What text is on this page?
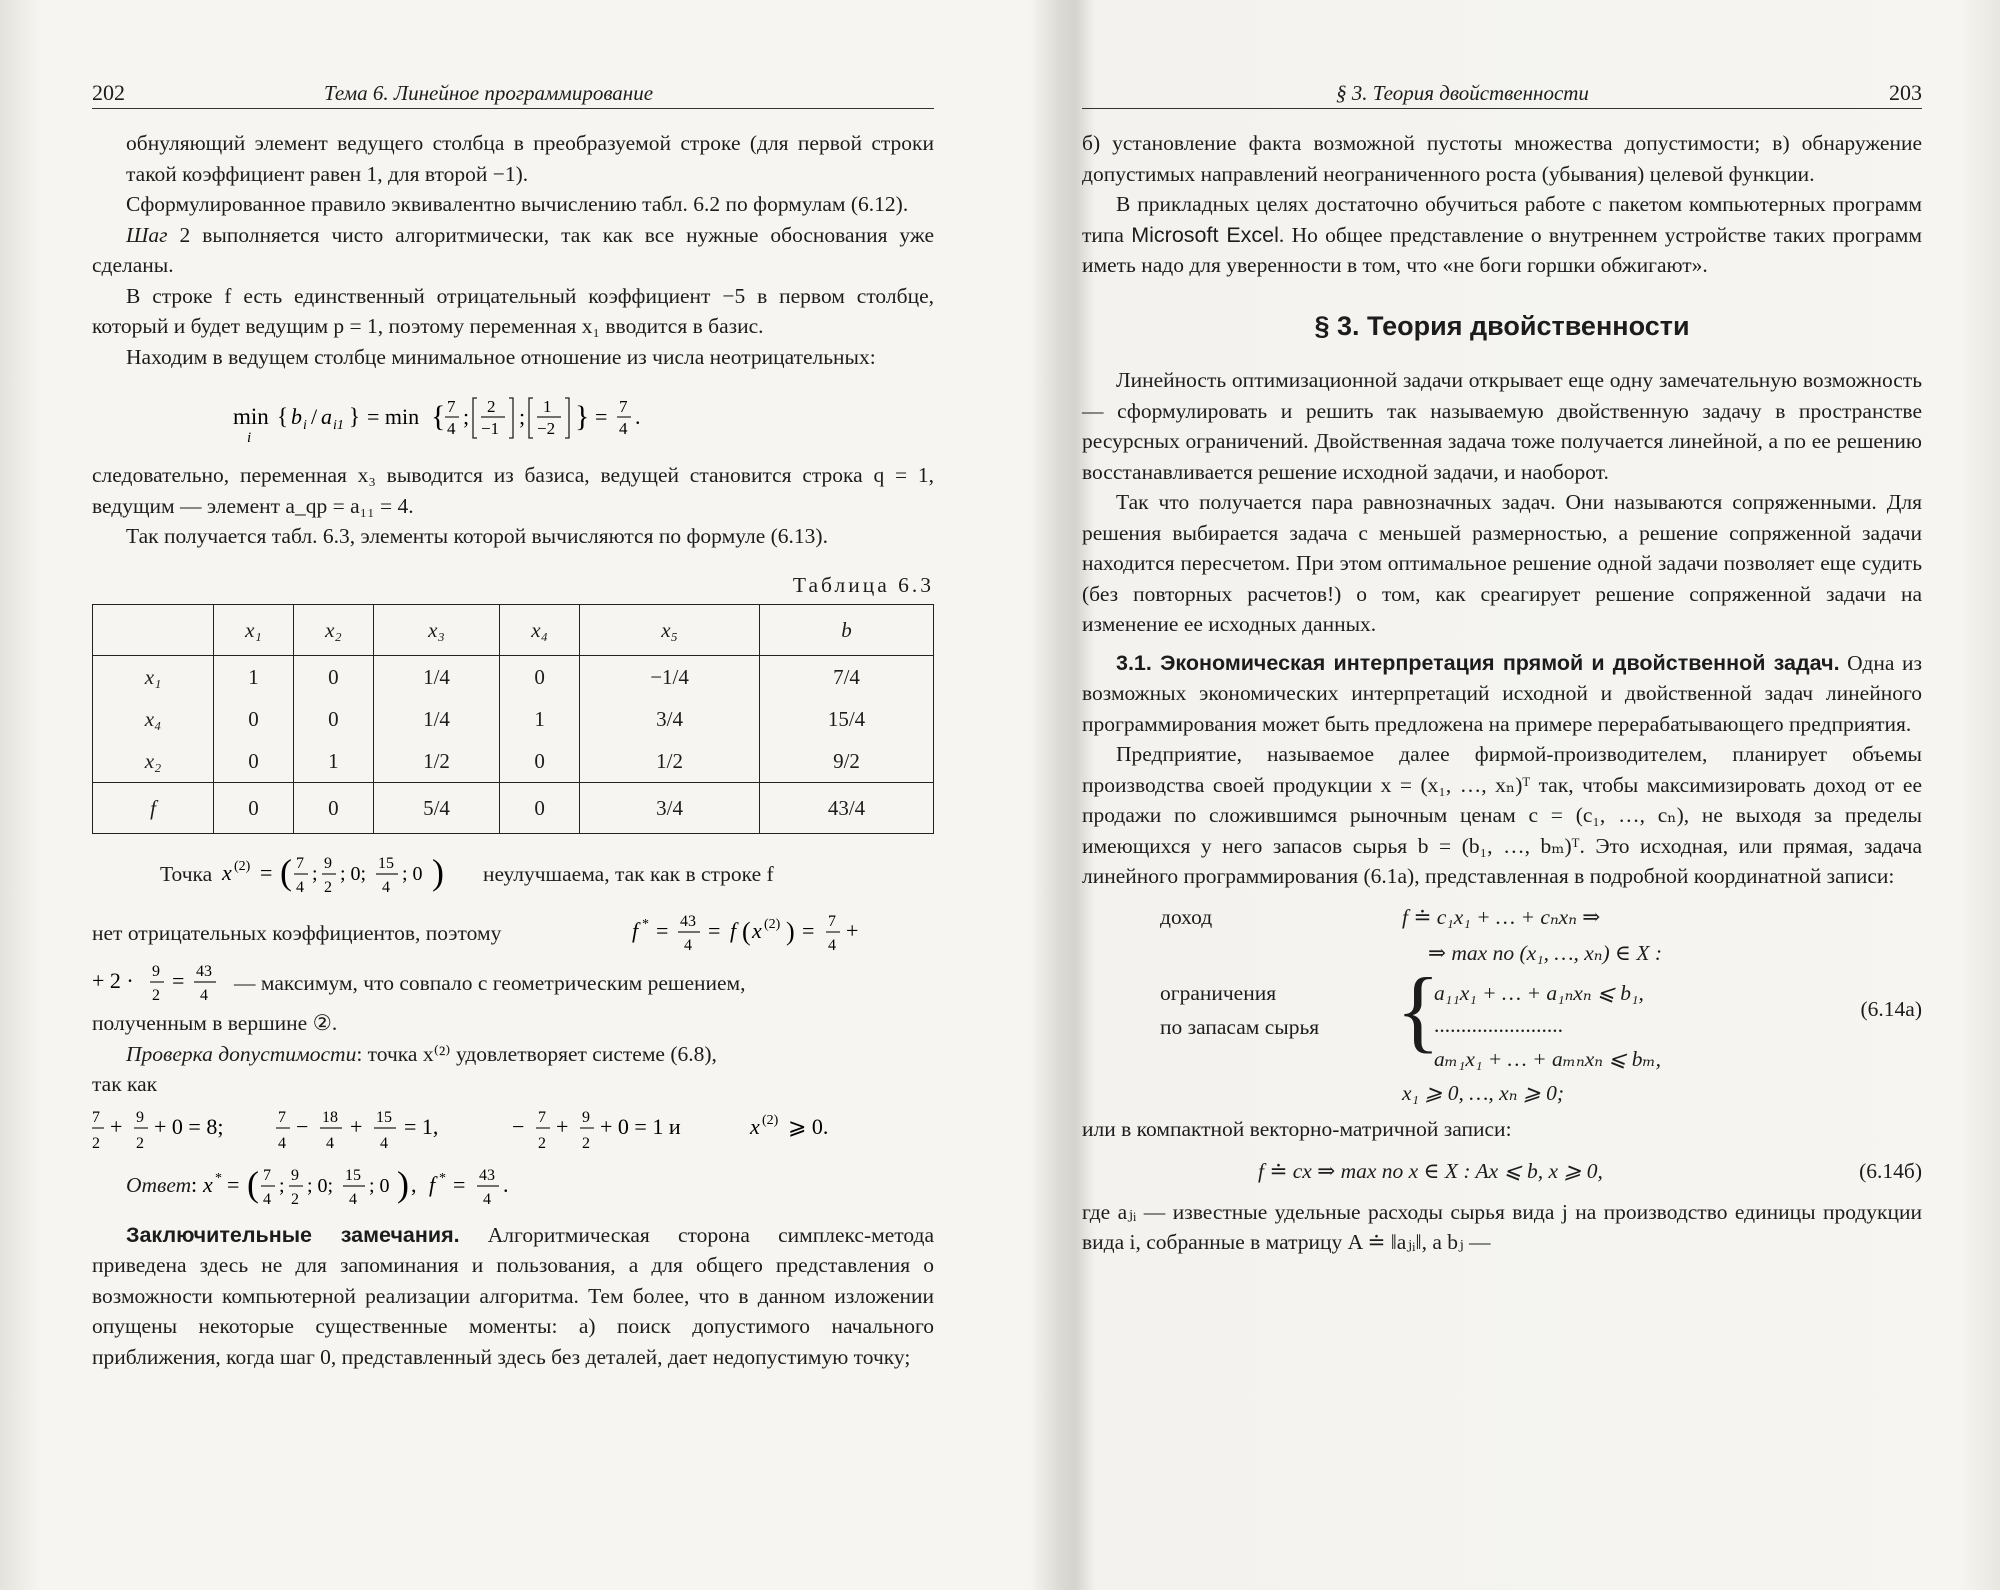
202	Тема 6. Линейное программирование

обнуляющий элемент ведущего столбца в преобразуемой строке (для первой строки такой коэффициент равен 1, для второй −1).

Сформулированное правило эквивалентно вычислению табл. 6.2 по формулам (6.12).

Шаг 2 выполняется чисто алгоритмически, так как все нужные обоснования уже сделаны.

В строке f есть единственный отрицательный коэффициент −5 в первом столбце, который и будет ведущим p = 1, поэтому переменная x₁ вводится в базис.

Находим в ведущем столбце минимальное отношение из числа неотрицательных:

min
i
{ b i / a i1 } = min { 7
4 ; 2
−1 ; 1
−2 } = 7
4 .

следовательно, переменная x₃ выводится из базиса, ведущей становится строка q = 1, ведущим — элемент a_qp = a₁₁ = 4.

Так получается табл. 6.3, элементы которой вычисляются по формуле (6.13).

Таблица 6.3
	x₁	x₂	x₃	x₄	x₅	b
x₁	1	0	1/4	0	−1/4	7/4
x₄	0	0	1/4	1	3/4	15/4
x₂	0	1	1/2	0	1/2	9/2
f	0	0	5/4	0	3/4	43/4
Точка x (2) = ( 7
4
; 9
2
; 0; 15
4
; 0 ) неулучшаема, так как в строке f
нет отрицательных коэффициентов, поэтому	f * = 43
4
= f ( x (2) ) = 7
4
+
+ 2 · 9
2
= 43
4
— максимум, что совпало с геометрическим решением,

полученным в вершине ②.

Проверка допустимости: точка x⁽²⁾ удовлетворяет системе (6.8),

так как

7
2
+ 9
2
+ 0 = 8;	7
4
− 18
4
+ 15
4
= 1,	− 7
2
+ 9
2
+ 0 = 1 и	x (2) ⩾ 0.
Ответ : x * = ( 7
4
; 9
2
; 0; 15
4
; 0 ) , f * = 43
4
.

Заключительные замечания. Алгоритмическая сторона симплекс-метода приведена здесь не для запоминания и пользования, а для общего представления о возможности компьютерной реализации алгоритма. Тем более, что в данном изложении опущены некоторые существенные моменты: а) поиск допустимого начального приближения, когда шаг 0, представленный здесь без деталей, дает недопустимую точку;

§ 3. Теория двойственности	203

б) установление факта возможной пустоты множества допустимости; в) обнаружение допустимых направлений неограниченного роста (убывания) целевой функции.

В прикладных целях достаточно обучиться работе с пакетом компьютерных программ типа Microsoft Excel. Но общее представление о внутреннем устройстве таких программ иметь надо для уверенности в том, что «не боги горшки обжигают».

§ 3. Теория двойственности

Линейность оптимизационной задачи открывает еще одну замечательную возможность — сформулировать и решить так называемую двойственную задачу в пространстве ресурсных ограничений. Двойственная задача тоже получается линейной, а по ее решению восстанавливается решение исходной задачи, и наоборот.

Так что получается пара равнозначных задач. Они называются сопряженными. Для решения выбирается задача с меньшей размерностью, а решение сопряженной задачи находится пересчетом. При этом оптимальное решение одной задачи позволяет еще судить (без повторных расчетов!) о том, как среагирует решение сопряженной задачи на изменение ее исходных данных.

3.1. Экономическая интерпретация прямой и двойственной задач. Одна из возможных экономических интерпретаций исходной и двойственной задач линейного программирования может быть предложена на примере перерабатывающего предприятия.

Предприятие, называемое далее фирмой-производителем, планирует объемы производства своей продукции x = (x₁, …, xₙ)ᵀ так, чтобы максимизировать доход от ее продажи по сложившимся рыночным ценам c = (c₁, …, cₙ), не выходя за пределы имеющихся у него запасов сырья b = (b₁, …, bₘ)ᵀ. Это исходная, или прямая, задача линейного программирования (6.1a), представленная в подробной координатной записи:

доход	f ≐ c₁x₁ + … + cₙxₙ ⇒
⇒ max по (x₁, …, xₙ) ∈ X :
ограничения
по запасам сырья {
a₁₁x₁ + … + a₁ₙxₙ ⩽ b₁,
........................
aₘ₁x₁ + … + aₘₙxₙ ⩽ bₘ,
x₁ ⩾ 0, …, xₙ ⩾ 0;
(6.14a)

или в компактной векторно-матричной записи:

f ≐ cx ⇒ max по x ∈ X : Ax ⩽ b, x ⩾ 0,	(6.14б)

где aⱼᵢ — известные удельные расходы сырья вида j на производство единицы продукции вида i, собранные в матрицу A ≐ ‖aⱼᵢ‖, а bⱼ —
